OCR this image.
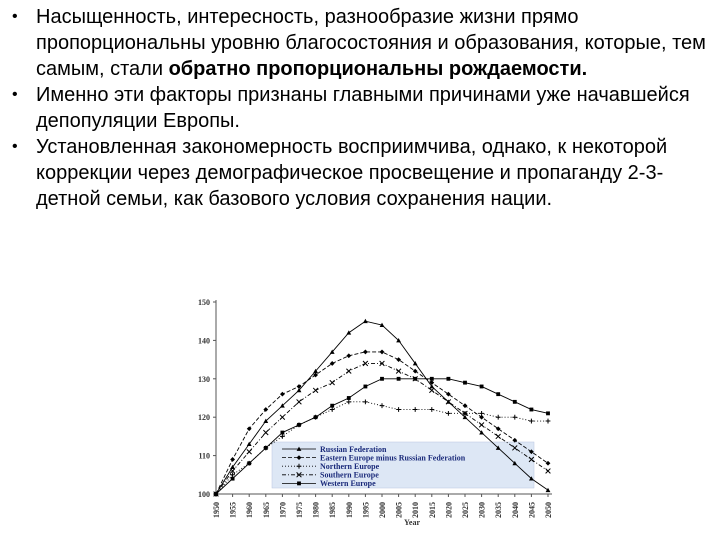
• Насыщенность, интересность, разнообразие жизни прямо пропорциональны уровню благосостояния и образования, которые, тем самым, стали обратно пропорциональны рождаемости.
• Именно эти факторы признаны главными причинами уже начавшейся депопуляции Европы.
• Установленная закономерность восприимчива, однако, к некоторой коррекции через демографическое просвещение и пропаганду 2-3-детной семьи, как базового условия сохранения нации.
Russian Federation
Eastern Europe minus Russian Federation
Northern Europe
Southern Europe
Western Europe
100
110
120
130
140
150
1950 1955 1960 1965 1970 1975 1980 1985 1990 1995 2000 2005 2010 2015 2020 2025 2030 2035 2040 2045 2050
Year
